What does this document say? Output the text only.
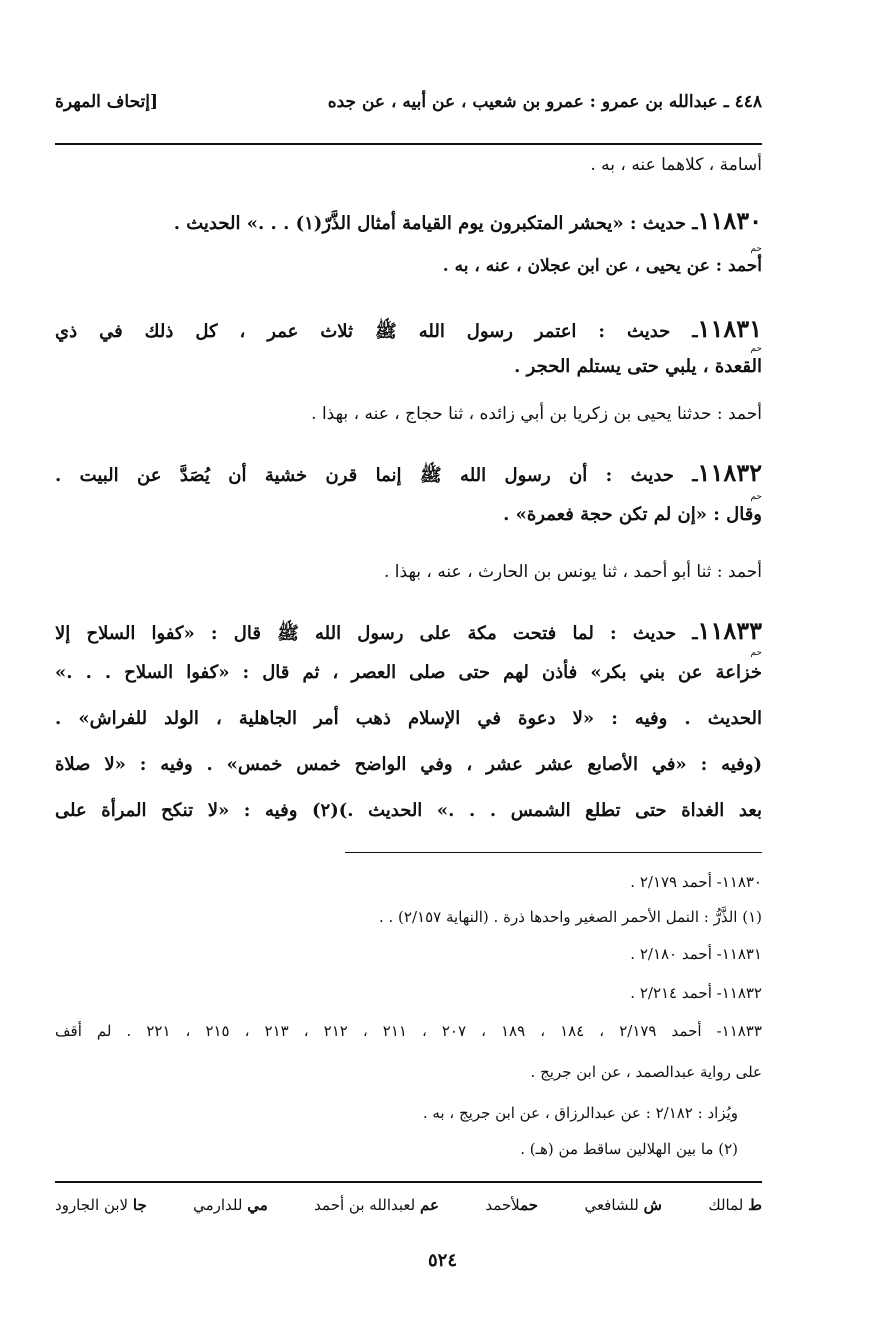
٤٤٨ ـ عبدالله بن عمرو : عمرو بن شعيب ، عن أبيه ، عن جده
[إتحاف المهرة
أسامة ، كلاهما عنه ، به .
١١٨٣٠ـ حديث : «يحشر المتكبرون يوم القيامة أمثال الذَّرّ(١) . . .» الحديث .
حم
أحمد : عن يحيى ، عن ابن عجلان ، عنه ، به .
١١٨٣١ـ حديث : اعتمر رسول الله ﷺ ثلاث عمر ، كل ذلك في ذي
حم
القعدة ، يلبي حتى يستلم الحجر .
أحمد : حدثنا يحيى بن زكريا بن أبي زائده ، ثنا حجاج ، عنه ، بهذا .
١١٨٣٢ـ حديث : أن رسول الله ﷺ إنما قرن خشية أن يُصَدَّ عن البيت .
حم
وقال : «إن لم تكن حجة فعمرة» .
أحمد : ثنا أبو أحمد ، ثنا يونس بن الحارث ، عنه ، بهذا .
١١٨٣٣ـ حديث : لما فتحت مكة على رسول الله ﷺ قال : «كفوا السلاح إلا
حم
خزاعة عن بني بكر» فأذن لهم حتى صلى العصر ، ثم قال : «كفوا السلاح . . .»
الحديث . وفيه : «لا دعوة في الإسلام ذهب أمر الجاهلية ، الولد للفراش» .
(وفيه : «في الأصابع عشر عشر ، وفي الواضح خمس خمس» . وفيه : «لا صلاة
بعد الغداة حتى تطلع الشمس . . .» الحديث .)(٢) وفيه : «لا تنكح المرأة على
١١٨٣٠- أحمد ٢/١٧٩ .
(١) الذَّرُّ : النمل الأحمر الصغير واحدها ذرة . (النهاية ٢/١٥٧) . .
١١٨٣١- أحمد ٢/١٨٠ .
١١٨٣٢- أحمد ٢/٢١٤ .
١١٨٣٣- أحمد ٢/١٧٩ ، ١٨٤ ، ١٨٩ ، ٢٠٧ ، ٢١١ ، ٢١٢ ، ٢١٣ ، ٢١٥ ، ٢٢١ . لم أقف
على رواية عبدالصمد ، عن ابن جريج .
ويُزاد : ٢/١٨٢ : عن عبدالرزاق ، عن ابن جريج ، به .
(٢) ما بين الهلالين ساقط من (هـ) .
ط لمالك
ش للشافعي
حملأحمد
عم لعبدالله بن أحمد
مي للدارمي
جا لابن الجارود
٥٢٤
